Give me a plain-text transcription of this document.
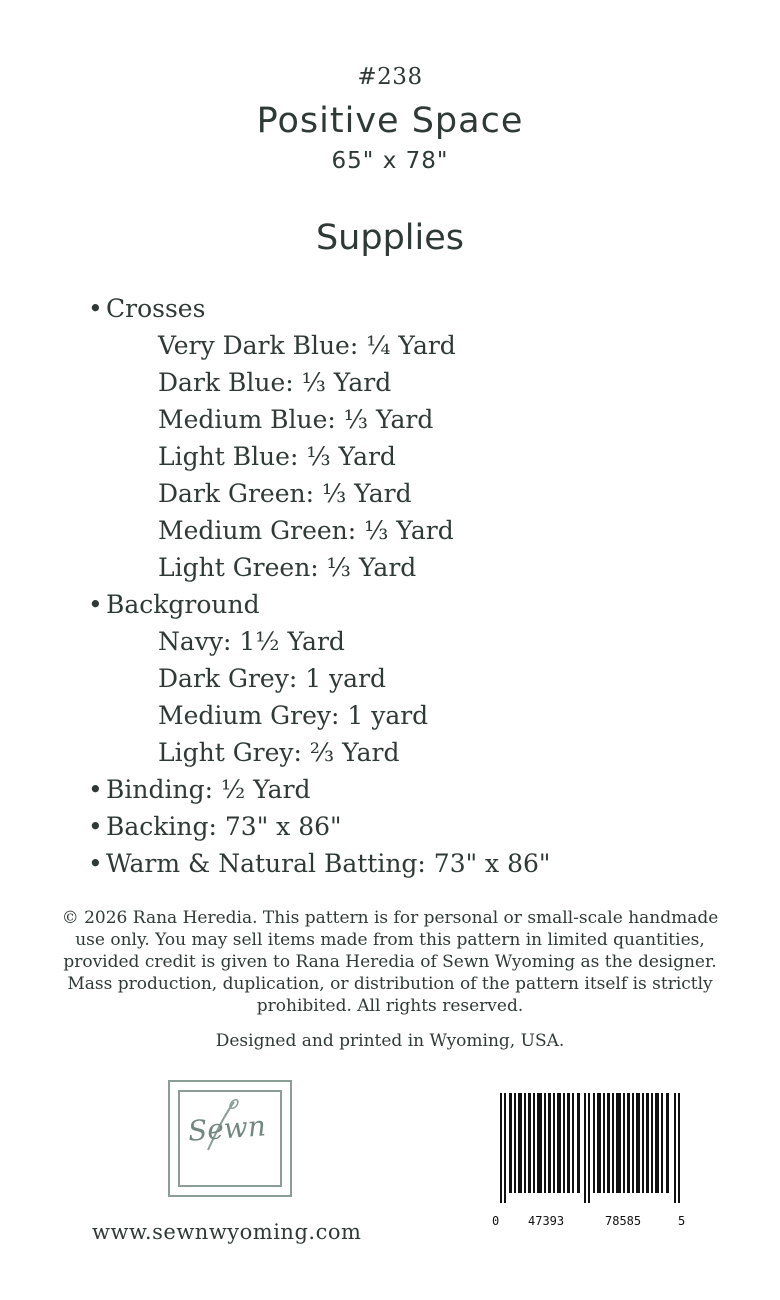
#238
Positive Space
65" x 78"
Supplies
• Crosses
Very Dark Blue: ¼ Yard
Dark Blue: ⅓ Yard
Medium Blue: ⅓ Yard
Light Blue: ⅓ Yard
Dark Green: ⅓ Yard
Medium Green: ⅓ Yard
Light Green: ⅓ Yard
• Background
Navy: 1½ Yard
Dark Grey: 1 yard
Medium Grey: 1 yard
Light Grey: ⅔ Yard
• Binding: ½ Yard
• Backing: 73" x 86"
• Warm & Natural Batting: 73" x 86"
© 2026 Rana Heredia. This pattern is for personal or small-scale handmade
use only. You may sell items made from this pattern in limited quantities,
provided credit is given to Rana Heredia of Sewn Wyoming as the designer.
Mass production, duplication, or distribution of the pattern itself is strictly
prohibited. All rights reserved.
Designed and printed in Wyoming, USA.
Sewn
www.sewnwyoming.com	0 47393	78585	5
